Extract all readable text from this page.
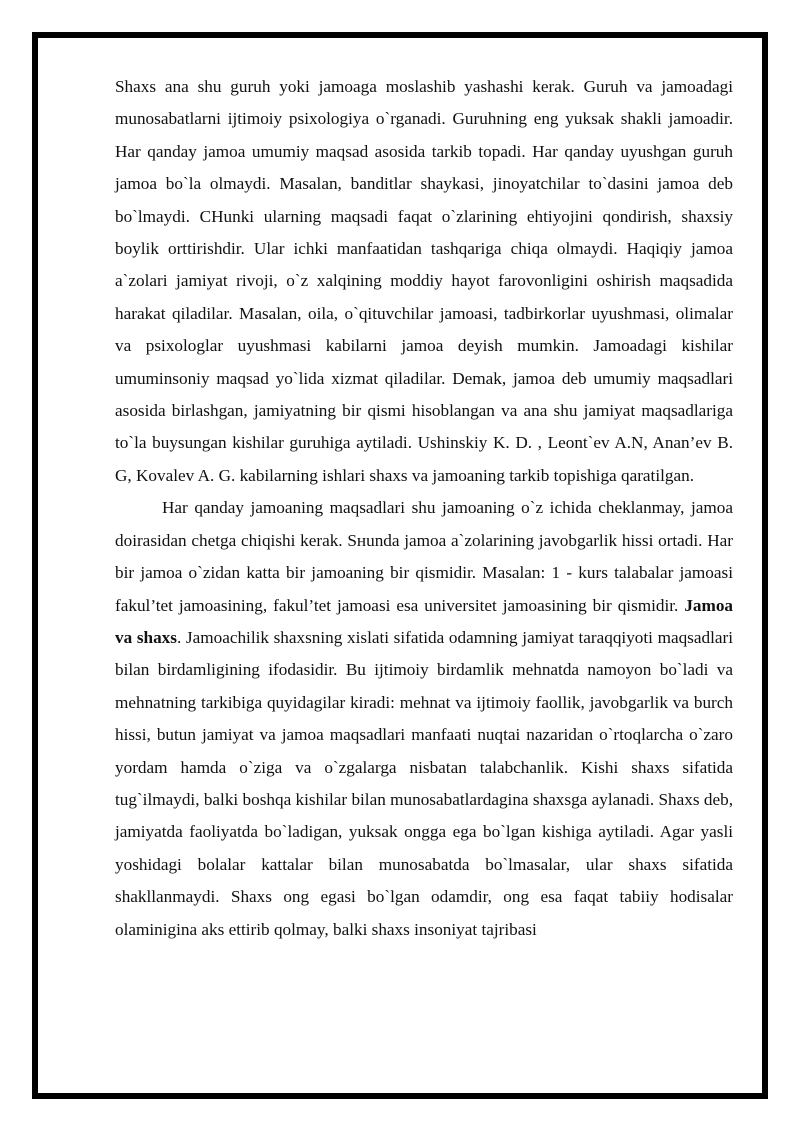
Shaxs ana shu guruh yoki jamoaga moslashib yashashi kerak. Guruh va jamoadagi munosabatlarni ijtimoiy psixologiya o`rganadi. Guruhning eng yuksak shakli jamoadir. Har qanday jamoa umumiy maqsad asosida tarkib topadi. Har qanday uyushgan guruh jamoa bo`la olmaydi. Masalan, banditlar shaykasi, jinoyatchilar to`dasini jamoa deb bo`lmaydi. CHunki ularning maqsadi faqat o`zlarining ehtiyojini qondirish, shaxsiy boylik orttirishdir. Ular ichki manfaatidan tashqariga chiqa olmaydi. Haqiqiy jamoa a`zolari jamiyat rivoji, o`z xalqining moddiy hayot farovonligini oshirish maqsadida harakat qiladilar. Masalan, oila, o`qituvchilar jamoasi, tadbirkorlar uyushmasi, olimalar va psixologlar uyushmasi kabilarni jamoa deyish mumkin. Jamoadagi kishilar umuminsoniy maqsad yo`lida xizmat qiladilar. Demak, jamoa deb umumiy maqsadlari asosida birlashgan, jamiyatning bir qismi hisoblangan va ana shu jamiyat maqsadlariga to`la buysungan kishilar guruhiga aytiladi. Ushinskiy K. D. , Leont`ev A.N, Anan’ev B. G, Kovalev A. G. kabilarning ishlari shaxs va jamoaning tarkib topishiga qaratilgan.

Har qanday jamoaning maqsadlari shu jamoaning o`z ichida cheklanmay, jamoa doirasidan chetga chiqishi kerak. Sнunda jamoa a`zolarining javobgarlik hissi ortadi. Har bir jamoa o`zidan katta bir jamoaning bir qismidir. Masalan: 1 - kurs talabalar jamoasi fakul’tet jamoasining, fakul’tet jamoasi esa universitet jamoasining bir qismidir. Jamoa va shaxs. Jamoachilik shaxsning xislati sifatida odamning jamiyat taraqqiyoti maqsadlari bilan birdamligining ifodasidir. Bu ijtimoiy birdamlik mehnatda namoyon bo`ladi va mehnatning tarkibiga quyidagilar kiradi: mehnat va ijtimoiy faollik, javobgarlik va burch hissi, butun jamiyat va jamoa maqsadlari manfaati nuqtai nazaridan o`rtoqlarcha o`zaro yordam hamda o`ziga va o`zgalarga nisbatan talabchanlik. Kishi shaxs sifatida tug`ilmaydi, balki boshqa kishilar bilan munosabatlardagina shaxsga aylanadi. Shaxs deb, jamiyatda faoliyatda bo`ladigan, yuksak ongga ega bo`lgan kishiga aytiladi. Agar yasli yoshidagi bolalar kattalar bilan munosabatda bo`lmasalar, ular shaxs sifatida shakllanmaydi. Shaxs ong egasi bo`lgan odamdir, ong esa faqat tabiiy hodisalar olaminigina aks ettirib qolmay, balki shaxs insoniyat tajribasi
